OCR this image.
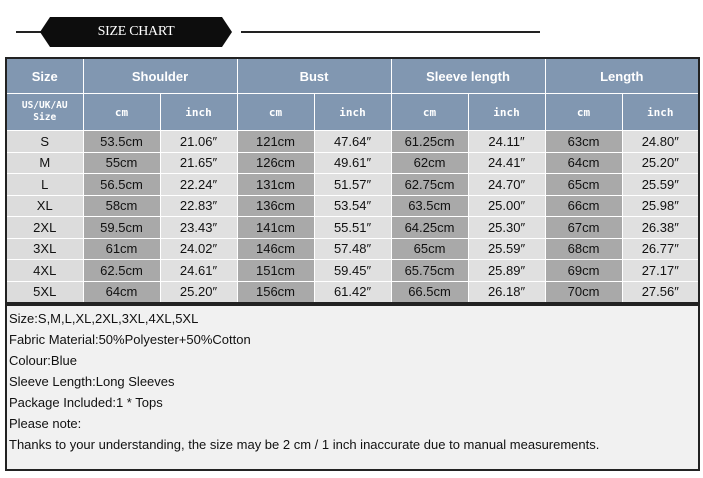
SIZE CHART
Size	Shoulder		Bust		Sleeve length		Length	
US/UK/AU
Size	cm	inch	cm	inch	cm	inch	cm	inch
S	53.5cm	21.06″	121cm	47.64″	61.25cm	24.11″	63cm	24.80″
M	55cm	21.65″	126cm	49.61″	62cm	24.41″	64cm	25.20″
L	56.5cm	22.24″	131cm	51.57″	62.75cm	24.70″	65cm	25.59″
XL	58cm	22.83″	136cm	53.54″	63.5cm	25.00″	66cm	25.98″
2XL	59.5cm	23.43″	141cm	55.51″	64.25cm	25.30″	67cm	26.38″
3XL	61cm	24.02″	146cm	57.48″	65cm	25.59″	68cm	26.77″
4XL	62.5cm	24.61″	151cm	59.45″	65.75cm	25.89″	69cm	27.17″
5XL	64cm	25.20″	156cm	61.42″	66.5cm	26.18″	70cm	27.56″
Size:S,M,L,XL,2XL,3XL,4XL,5XL
Fabric Material:50%Polyester+50%Cotton
Colour:Blue
Sleeve Length:Long Sleeves
Package Included:1 * Tops
Please note:
Thanks to your understanding, the size may be 2 cm / 1 inch inaccurate due to manual measurements.
